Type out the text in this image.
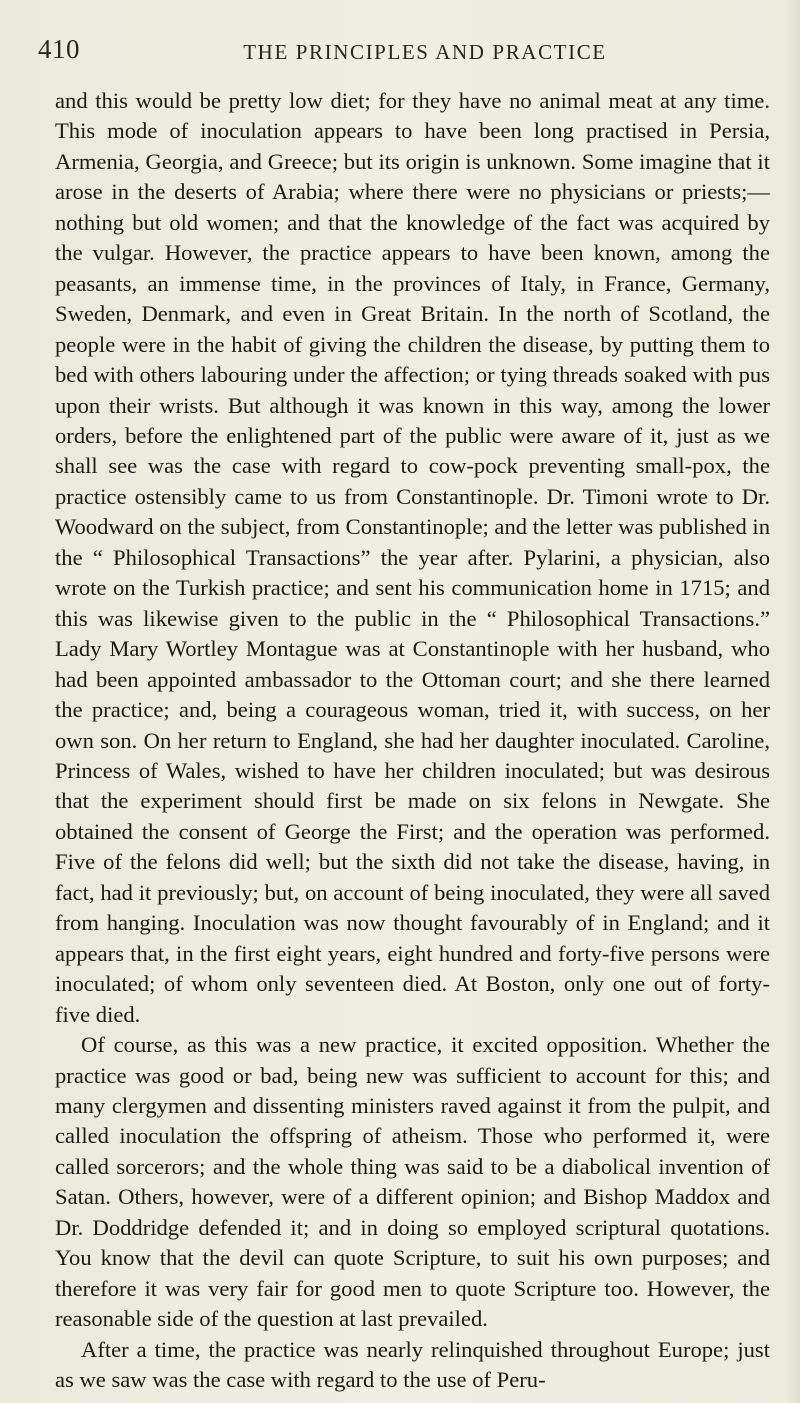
410	THE PRINCIPLES AND PRACTICE

and this would be pretty low diet; for they have no animal meat at any time. This mode of inoculation appears to have been long practised in Persia, Armenia, Georgia, and Greece; but its origin is unknown. Some imagine that it arose in the deserts of Arabia; where there were no physicians or priests;—nothing but old women; and that the knowledge of the fact was acquired by the vulgar. However, the practice appears to have been known, among the peasants, an immense time, in the provinces of Italy, in France, Germany, Sweden, Denmark, and even in Great Britain. In the north of Scotland, the people were in the habit of giving the children the disease, by putting them to bed with others labouring under the affection; or tying threads soaked with pus upon their wrists. But although it was known in this way, among the lower orders, before the enlightened part of the public were aware of it, just as we shall see was the case with regard to cow-pock preventing small-pox, the practice ostensibly came to us from Constantinople. Dr. Timoni wrote to Dr. Woodward on the subject, from Constantinople; and the letter was published in the “ Philosophical Transactions” the year after. Pylarini, a physician, also wrote on the Turkish practice; and sent his communication home in 1715; and this was likewise given to the public in the “ Philosophical Transactions.” Lady Mary Wortley Montague was at Constantinople with her husband, who had been appointed ambassador to the Ottoman court; and she there learned the practice; and, being a courageous woman, tried it, with success, on her own son. On her return to England, she had her daughter inoculated. Caroline, Princess of Wales, wished to have her children inoculated; but was desirous that the experiment should first be made on six felons in Newgate. She obtained the consent of George the First; and the operation was performed. Five of the felons did well; but the sixth did not take the disease, having, in fact, had it previously; but, on account of being inoculated, they were all saved from hanging. Inoculation was now thought favourably of in England; and it appears that, in the first eight years, eight hundred and forty-five persons were inoculated; of whom only seventeen died. At Boston, only one out of forty-five died.

Of course, as this was a new practice, it excited opposition. Whether the practice was good or bad, being new was sufficient to account for this; and many clergymen and dissenting ministers raved against it from the pulpit, and called inoculation the offspring of atheism. Those who performed it, were called sorcerors; and the whole thing was said to be a diabolical invention of Satan. Others, however, were of a different opinion; and Bishop Maddox and Dr. Doddridge defended it; and in doing so employed scriptural quotations. You know that the devil can quote Scripture, to suit his own purposes; and therefore it was very fair for good men to quote Scripture too. However, the reasonable side of the question at last prevailed.

After a time, the practice was nearly relinquished throughout Europe; just as we saw was the case with regard to the use of Peru-
